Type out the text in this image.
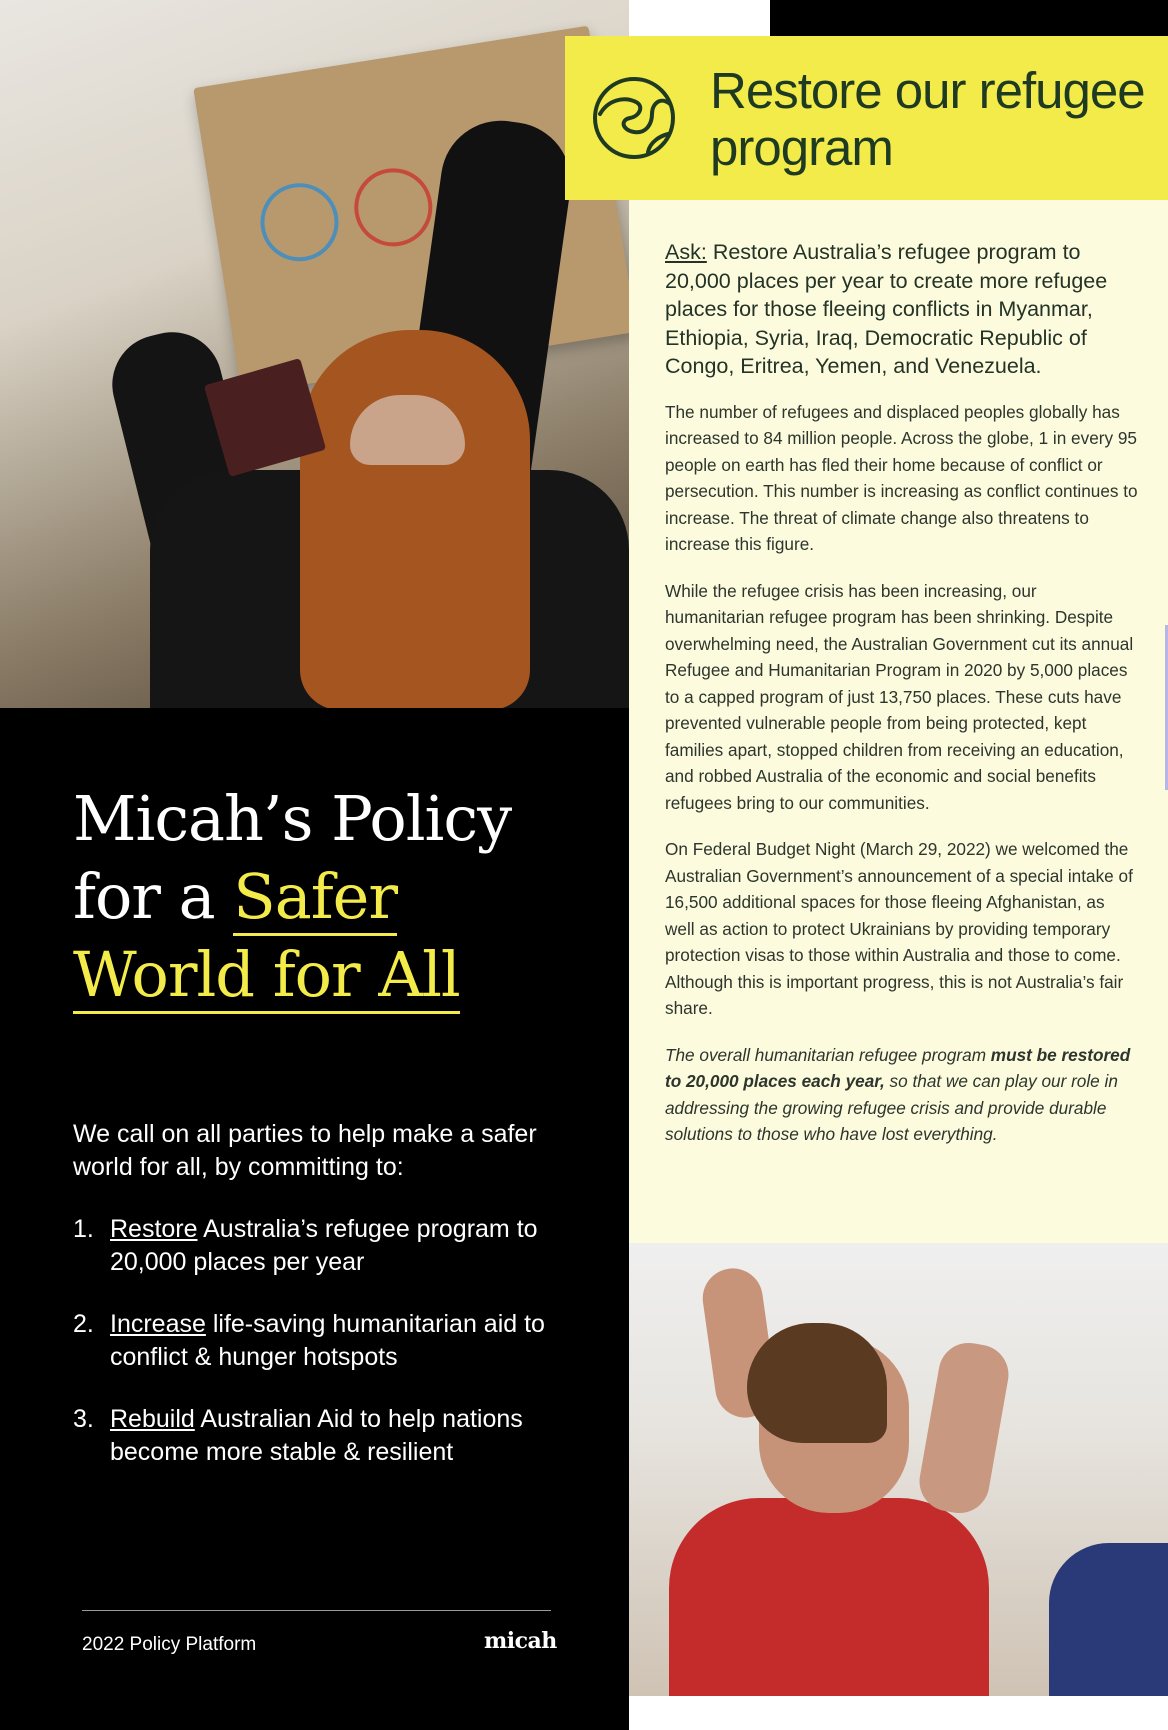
Restore our refugee program

Ask: Restore Australia’s refugee program to 20,000 places per year to create more refugee places for those fleeing conflicts in Myanmar, Ethiopia, Syria, Iraq, Democratic Republic of Congo, Eritrea, Yemen, and Venezuela.

The number of refugees and displaced peoples globally has increased to 84 million people. Across the globe, 1 in every 95 people on earth has fled their home because of conflict or persecution. This number is increasing as conflict continues to increase. The threat of climate change also threatens to increase this figure.

While the refugee crisis has been increasing, our humanitarian refugee program has been shrinking. Despite overwhelming need, the Australian Government cut its annual Refugee and Humanitarian Program in 2020 by 5,000 places to a capped program of just 13,750 places. These cuts have prevented vulnerable people from being protected, kept families apart, stopped children from receiving an education, and robbed Australia of the economic and social benefits refugees bring to our communities.

On Federal Budget Night (March 29, 2022) we welcomed the Australian Government’s announcement of a special intake of 16,500 additional spaces for those fleeing Afghanistan, as well as action to protect Ukrainians by providing temporary protection visas to those within Australia and those to come. Although this is important progress, this is not Australia’s fair share.

The overall humanitarian refugee program must be restored to 20,000 places each year, so that we can play our role in addressing the growing refugee crisis and provide durable solutions to those who have lost everything.

Micah’s Policy
for a Safer
World for All

We call on all parties to help make a safer world for all, by committing to:

1. Restore Australia’s refugee program to 20,000 places per year
2. Increase life-saving humanitarian aid to conflict & hunger hotspots
3. Rebuild Australian Aid to help nations become more stable & resilient
2022 Policy Platform	micah
